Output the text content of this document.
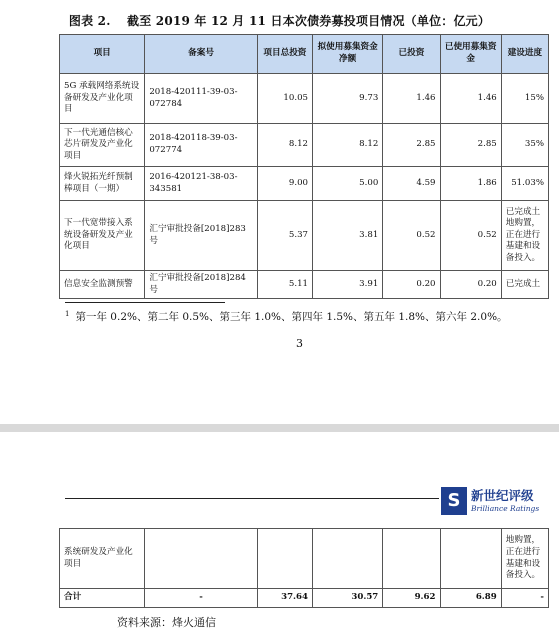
图表 2. 截至 2019 年 12 月 11 日本次债券募投项目情况（单位：亿元）
项目	备案号	项目总投资	拟使用募集资金净额	已投资	已使用募集资金	建设进度
5G 承载网络系统设备研发及产业化项目	2018-420111-39-03-072784	10.05	9.73	1.46	1.46	15%
下一代光通信核心芯片研发及产业化项目	2018-420118-39-03-072774	8.12	8.12	2.85	2.85	35%
烽火锐拓光纤预制棒项目（一期）	2016-420121-38-03-343581	9.00	5.00	4.59	1.86	51.03%
下一代宽带接入系统设备研发及产业化项目	汇宁审批投备[2018]283 号	5.37	3.81	0.52	0.52	已完成土地购置，正在进行基建和设备投入。
信息安全监测预警	汇宁审批投备[2018]284 号	5.11	3.91	0.20	0.20	已完成土
$^1$ 第一年 0.2%、第二年 0.5%、第三年 1.0%、第四年 1.5%、第五年 1.8%、第六年 2.0%。
3
S 新世纪评级
Brilliance Ratings
系统研发及产业化项目						地购置，正在进行基建和设备投入。
合计	-	37.64	30.57	9.62	6.89	-
资料来源：烽火通信
